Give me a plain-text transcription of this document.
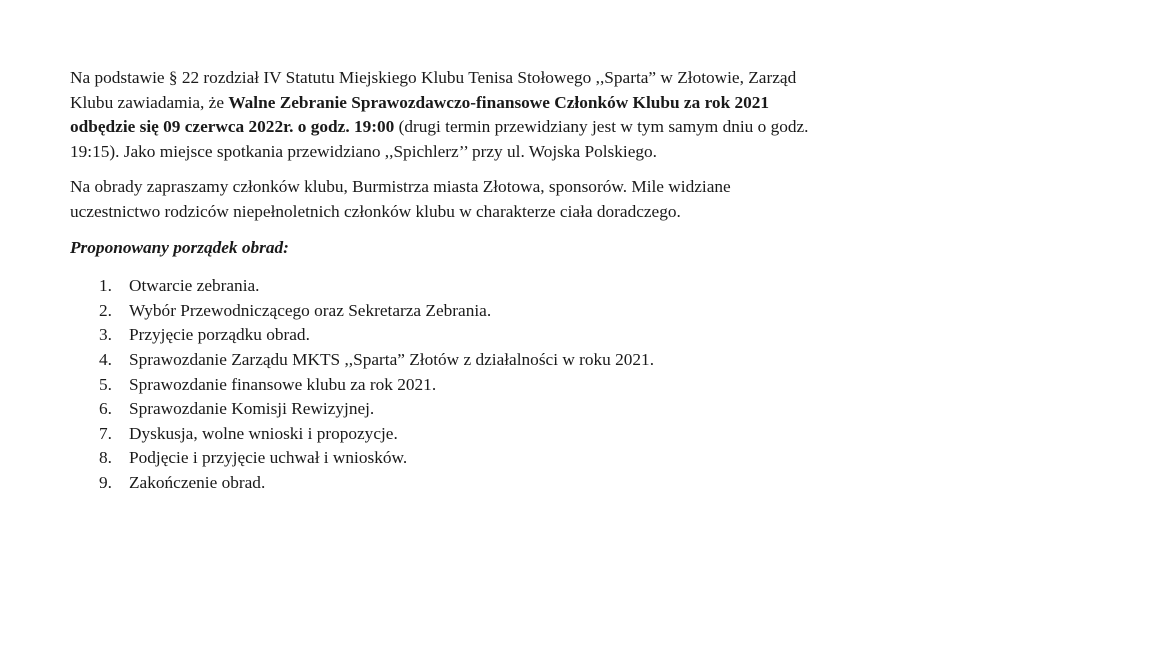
Na podstawie § 22 rozdział IV Statutu Miejskiego Klubu Tenisa Stołowego ,,Sparta” w Złotowie, Zarząd Klubu zawiadamia, że Walne Zebranie Sprawozdawczo-finansowe Członków Klubu za rok 2021 odbędzie się 09 czerwca 2022r. o godz. 19:00 (drugi termin przewidziany jest w tym samym dniu o godz. 19:15). Jako miejsce spotkania przewidziano ,,Spichlerz’’ przy ul. Wojska Polskiego.

Na obrady zapraszamy członków klubu, Burmistrza miasta Złotowa, sponsorów. Mile widziane uczestnictwo rodziców niepełnoletnich członków klubu w charakterze ciała doradczego.

Proponowany porządek obrad:

1. Otwarcie zebrania.
2. Wybór Przewodniczącego oraz Sekretarza Zebrania.
3. Przyjęcie porządku obrad.
4. Sprawozdanie Zarządu MKTS ,,Sparta” Złotów z działalności w roku 2021.
5. Sprawozdanie finansowe klubu za rok 2021.
6. Sprawozdanie Komisji Rewizyjnej.
7. Dyskusja, wolne wnioski i propozycje.
8. Podjęcie i przyjęcie uchwał i wniosków.
9. Zakończenie obrad.
